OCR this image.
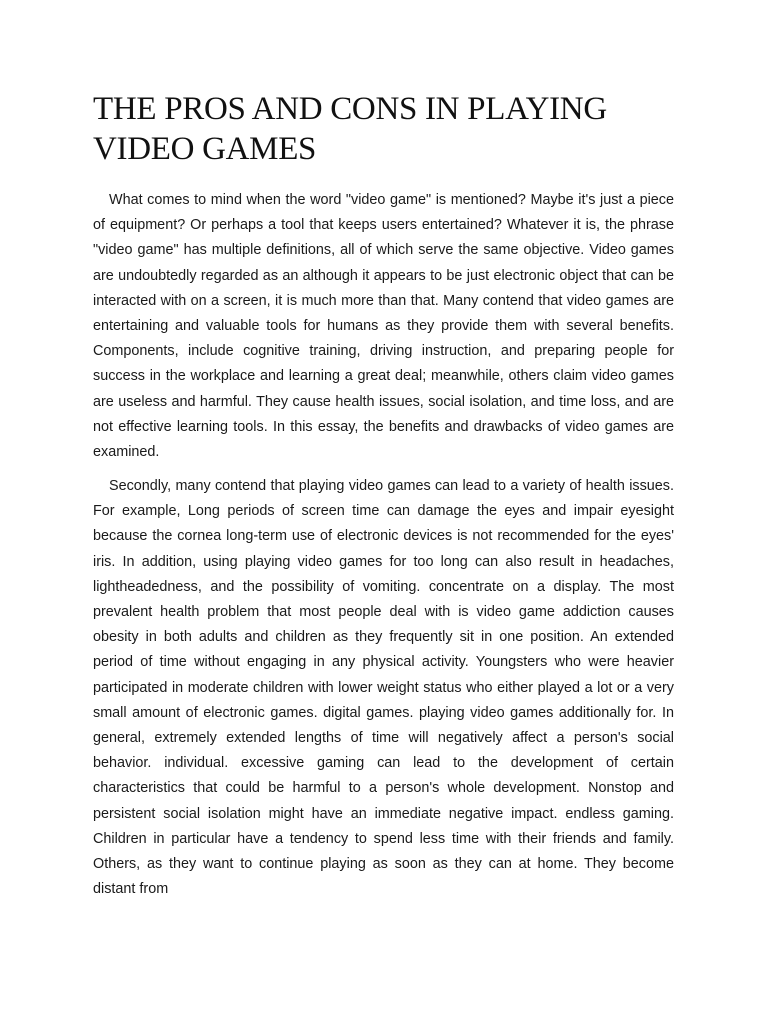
THE PROS AND CONS IN PLAYING VIDEO GAMES

What comes to mind when the word "video game" is mentioned? Maybe it's just a piece of equipment? Or perhaps a tool that keeps users entertained? Whatever it is, the phrase "video game" has multiple definitions, all of which serve the same objective. Video games are undoubtedly regarded as an although it appears to be just electronic object that can be interacted with on a screen, it is much more than that. Many contend that video games are entertaining and valuable tools for humans as they provide them with several benefits. Components, include cognitive training, driving instruction, and preparing people for success in the workplace and learning a great deal; meanwhile, others claim video games are useless and harmful. They cause health issues, social isolation, and time loss, and are not effective learning tools. In this essay, the benefits and drawbacks of video games are examined.

Secondly, many contend that playing video games can lead to a variety of health issues. For example, Long periods of screen time can damage the eyes and impair eyesight because the cornea long-term use of electronic devices is not recommended for the eyes' iris. In addition, using playing video games for too long can also result in headaches, lightheadedness, and the possibility of vomiting. concentrate on a display. The most prevalent health problem that most people deal with is video game addiction causes obesity in both adults and children as they frequently sit in one position. An extended period of time without engaging in any physical activity. Youngsters who were heavier participated in moderate children with lower weight status who either played a lot or a very small amount of electronic games. digital games. playing video games additionally for. In general, extremely extended lengths of time will negatively affect a person's social behavior. individual. excessive gaming can lead to the development of certain characteristics that could be harmful to a person's whole development. Nonstop and persistent social isolation might have an immediate negative impact. endless gaming. Children in particular have a tendency to spend less time with their friends and family. Others, as they want to continue playing as soon as they can at home. They become distant from
